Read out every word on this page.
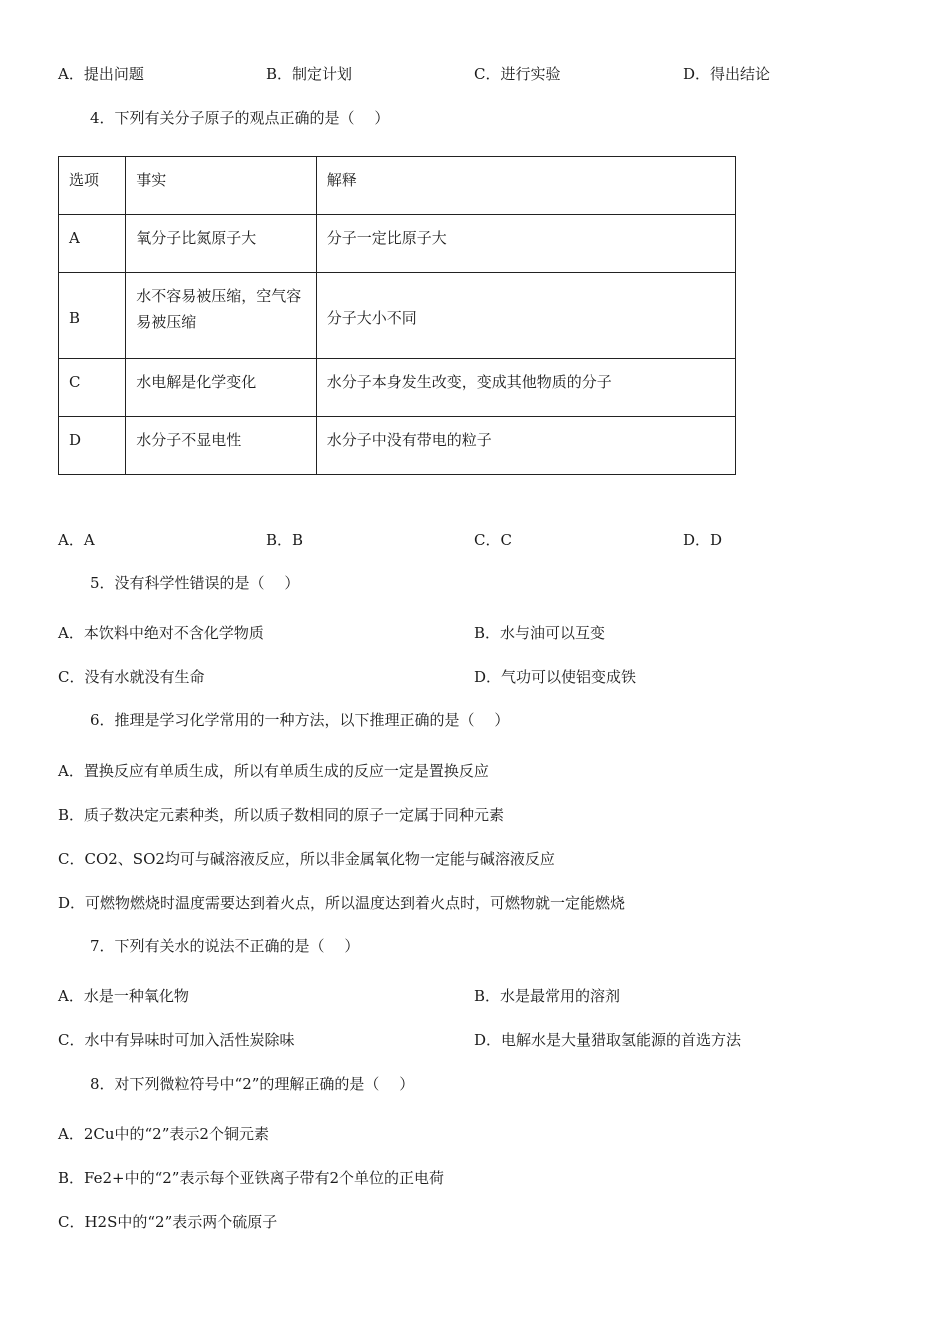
A．提出问题	B．制定计划	C．进行实验	D．得出结论
4．下列有关分子原子的观点正确的是（　 ）
选项	事实	解释
A	氧分子比氮原子大	分子一定比原子大
B	水不容易被压缩，空气容易被压缩	分子大小不同
C	水电解是化学变化	水分子本身发生改变，变成其他物质的分子
D	水分子不显电性	水分子中没有带电的粒子
A．A	B．B	C．C	D．D
5．没有科学性错误的是（　 ）
A．本饮料中绝对不含化学物质	B．水与油可以互变
C．没有水就没有生命	D．气功可以使铝变成铁
6．推理是学习化学常用的一种方法，以下推理正确的是（　 ）
A．置换反应有单质生成，所以有单质生成的反应一定是置换反应
B．质子数决定元素种类，所以质子数相同的原子一定属于同种元素
C．CO2、SO2均可与碱溶液反应，所以非金属氧化物一定能与碱溶液反应
D．可燃物燃烧时温度需要达到着火点，所以温度达到着火点时，可燃物就一定能燃烧
7．下列有关水的说法不正确的是（　 ）
A．水是一种氧化物	B．水是最常用的溶剂
C．水中有异味时可加入活性炭除味	D．电解水是大量猎取氢能源的首选方法
8．对下列微粒符号中“2”的理解正确的是（　 ）
A．2Cu中的“2”表示2个铜元素
B．Fe2+中的“2”表示每个亚铁离子带有2个单位的正电荷
C．H2S中的“2”表示两个硫原子
